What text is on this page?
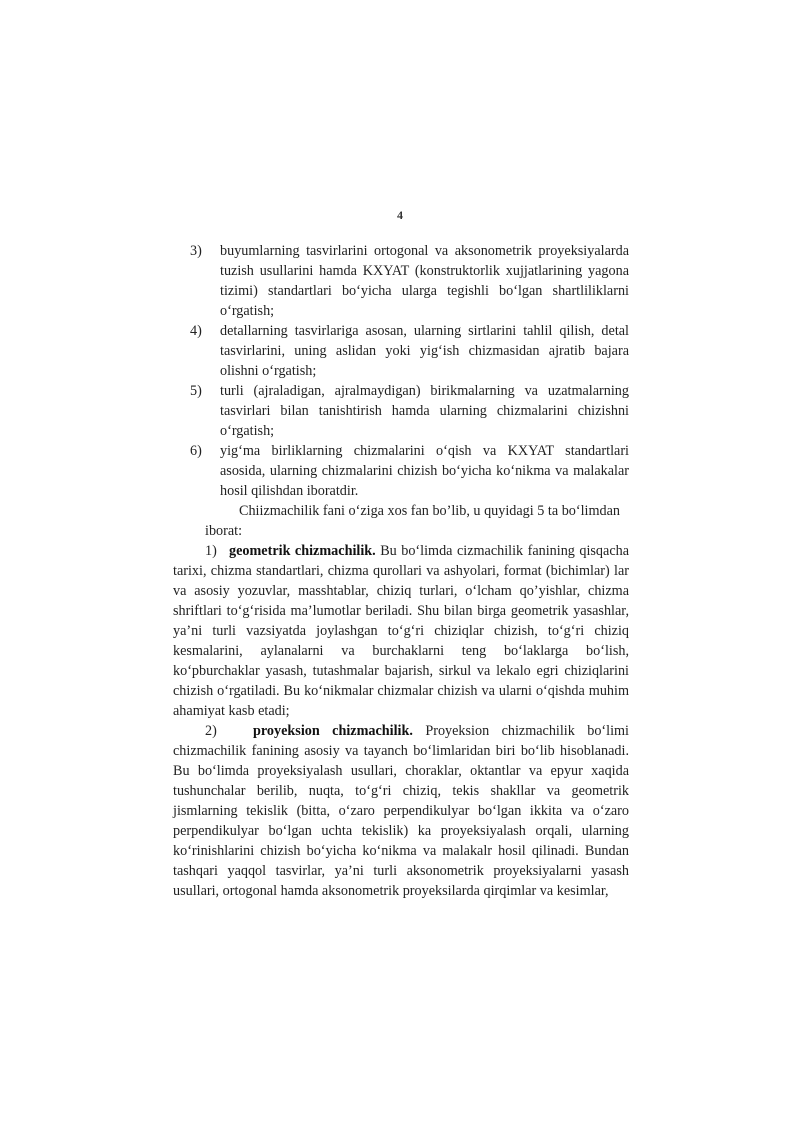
4
3)	buyumlarning tasvirlarini ortogonal va aksonometrik proyeksiyalarda tuzish usullarini hamda KXYAT (konstruktorlik xujjatlarining yagona tizimi) standartlari bo‘yicha ularga tegishli bo‘lgan shartliliklarni o‘rgatish;
4)	detallarning tasvirlariga asosan, ularning sirtlarini tahlil qilish, detal tasvirlarini, uning aslidan yoki yig‘ish chizmasidan ajratib bajara olishni o‘rgatish;
5)	turli (ajraladigan, ajralmaydigan) birikmalarning va uzatmalarning tasvirlari bilan tanishtirish hamda ularning chizmalarini chizishni o‘rgatish;
6)	yig‘ma birliklarning chizmalarini o‘qish va KXYAT standartlari asosida, ularning chizmalarini chizish bo‘yicha ko‘nikma va malakalar hosil qilishdan iboratdir.

Chiizmachilik fani o‘ziga xos fan bo’lib, u quyidagi 5 ta bo‘limdan
iborat:

1) geometrik chizmachilik. Bu bo‘limda cizmachilik fanining qisqacha tarixi, chizma standartlari, chizma qurollari va ashyolari, format (bichimlar) lar va asosiy yozuvlar, masshtablar, chiziq turlari, o‘lcham qo’yishlar, chizma shriftlari to‘g‘risida ma’lumotlar beriladi. Shu bilan birga geometrik yasashlar, ya’ni turli vazsiyatda joylashgan to‘g‘ri chiziqlar chizish, to‘g‘ri chiziq kesmalarini, aylanalarni va burchaklarni teng bo‘laklarga bo‘lish, ko‘pburchaklar yasash, tutashmalar bajarish, sirkul va lekalo egri chiziqlarini chizish o‘rgatiladi. Bu ko‘nikmalar chizmalar chizish va ularni o‘qishda muhim ahamiyat kasb etadi;

2)	proyeksion chizmachilik. Proyeksion chizmachilik bo‘limi chizmachilik fanining asosiy va tayanch bo‘limlaridan biri bo‘lib hisoblanadi. Bu bo‘limda proyeksiyalash usullari, choraklar, oktantlar va epyur xaqida tushunchalar berilib, nuqta, to‘g‘ri chiziq, tekis shakllar va geometrik jismlarning tekislik (bitta, o‘zaro perpendikulyar bo‘lgan ikkita va o‘zaro perpendikulyar bo‘lgan uchta tekislik) ka proyeksiyalash orqali, ularning ko‘rinishlarini chizish bo‘yicha ko‘nikma va malakalr hosil qilinadi. Bundan tashqari yaqqol tasvirlar, ya’ni turli aksonometrik proyeksiyalarni yasash usullari, ortogonal hamda aksonometrik proyeksilarda qirqimlar va kesimlar,
